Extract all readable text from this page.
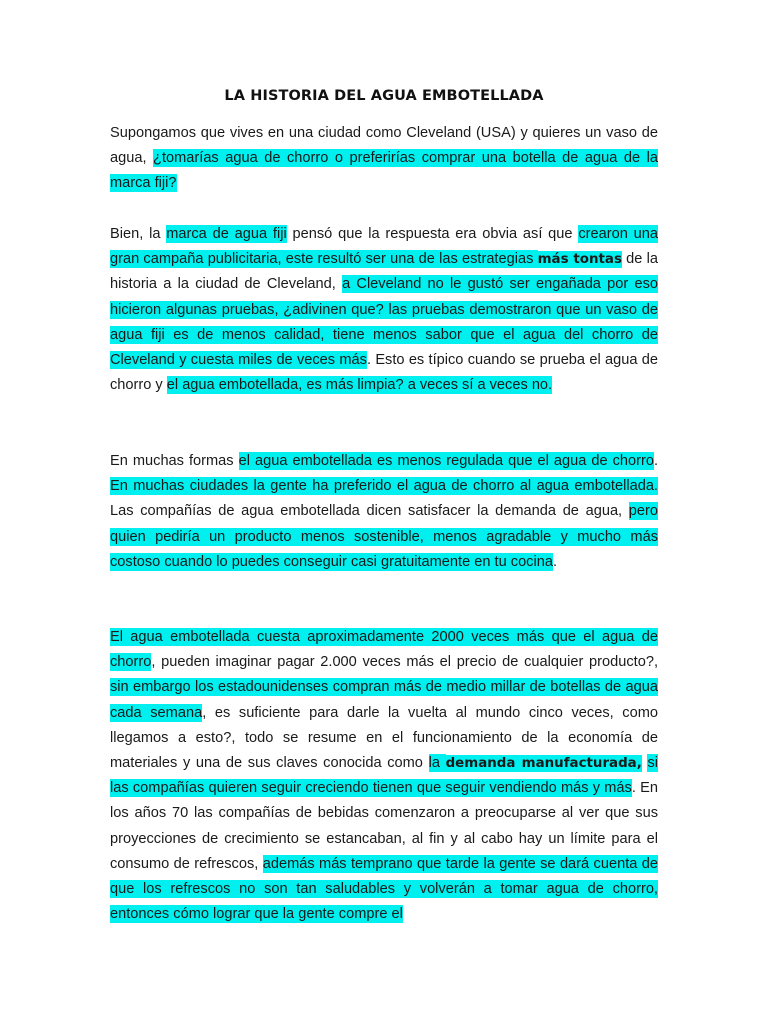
LA HISTORIA DEL AGUA EMBOTELLADA

Supongamos que vives en una ciudad como Cleveland (USA) y quieres un vaso de agua, ¿tomarías agua de chorro o preferirías comprar una botella de agua de la marca fiji?

Bien, la marca de agua fiji pensó que la respuesta era obvia así que crearon una gran campaña publicitaria, este resultó ser una de las estrategias más tontas de la historia a la ciudad de Cleveland, a Cleveland no le gustó ser engañada por eso hicieron algunas pruebas, ¿adivinen que? las pruebas demostraron que un vaso de agua fiji es de menos calidad, tiene menos sabor que el agua del chorro de Cleveland y cuesta miles de veces más. Esto es típico cuando se prueba el agua de chorro y el agua embotellada, es más limpia? a veces sí a veces no.

En muchas formas el agua embotellada es menos regulada que el agua de chorro. En muchas ciudades la gente ha preferido el agua de chorro al agua embotellada. Las compañías de agua embotellada dicen satisfacer la demanda de agua, pero quien pediría un producto menos sostenible, menos agradable y mucho más costoso cuando lo puedes conseguir casi gratuitamente en tu cocina.

El agua embotellada cuesta aproximadamente 2000 veces más que el agua de chorro, pueden imaginar pagar 2.000 veces más el precio de cualquier producto?, sin embargo los estadounidenses compran más de medio millar de botellas de agua cada semana, es suficiente para darle la vuelta al mundo cinco veces, como llegamos a esto?, todo se resume en el funcionamiento de la economía de materiales y una de sus claves conocida como la demanda manufacturada, si las compañías quieren seguir creciendo tienen que seguir vendiendo más y más. En los años 70 las compañías de bebidas comenzaron a preocuparse al ver que sus proyecciones de crecimiento se estancaban, al fin y al cabo hay un límite para el consumo de refrescos, además más temprano que tarde la gente se dará cuenta de que los refrescos no son tan saludables y volverán a tomar agua de chorro, entonces cómo lograr que la gente compre el
